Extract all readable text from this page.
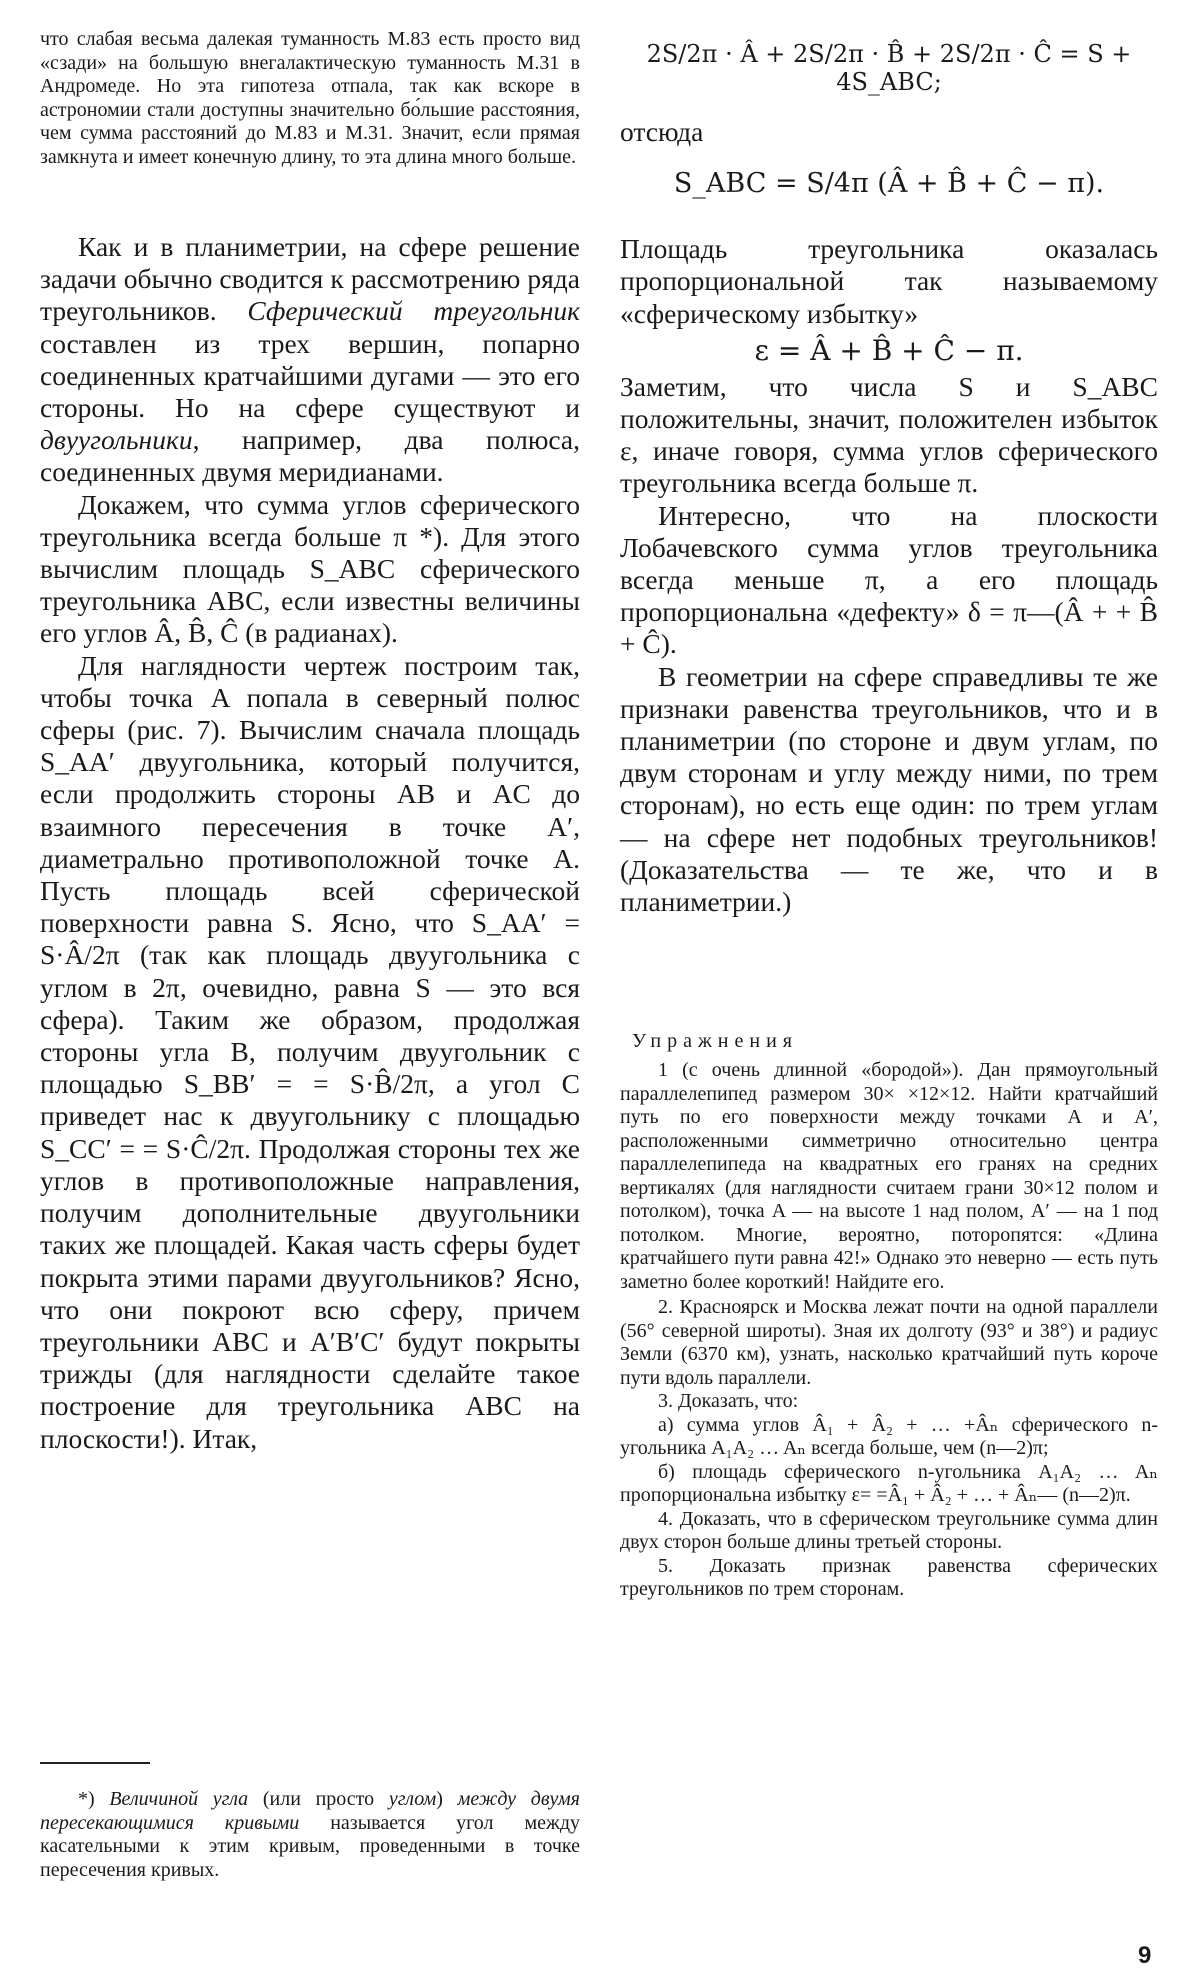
что слабая весьма далекая туманность М.83 есть просто вид «сзади» на большую внегалактическую туманность М.31 в Андромеде. Но эта гипотеза отпала, так как вскоре в астрономии стали доступны значительно бо́льшие расстояния, чем сумма расстояний до М.83 и М.31. Значит, если прямая замкнута и имеет конечную длину, то эта длина много больше.

Как и в планиметрии, на сфере решение задачи обычно сводится к рассмотрению ряда треугольников. Сферический треугольник составлен из трех вершин, попарно соединенных кратчайшими дугами — это его стороны. Но на сфере существуют и двуугольники, например, два полюса, соединенных двумя меридианами.

Докажем, что сумма углов сферического треугольника всегда больше π *). Для этого вычислим площадь S_ABC сферического треугольника ABC, если известны величины его углов Â, B̂, Ĉ (в радианах).

Для наглядности чертеж построим так, чтобы точка A попала в северный полюс сферы (рис. 7). Вычислим сначала площадь S_AA′ двуугольника, который получится, если продолжить стороны AB и AC до взаимного пересечения в точке A′, диаметрально противоположной точке A. Пусть площадь всей сферической поверхности равна S. Ясно, что S_AA′ = S·Â/2π (так как площадь двуугольника с углом в 2π, очевидно, равна S — это вся сфера). Таким же образом, продолжая стороны угла B, получим двуугольник с площадью S_BB′ = = S·B̂/2π, а угол C приведет нас к двуугольнику с площадью S_CC′ = = S·Ĉ/2π. Продолжая стороны тех же углов в противоположные направления, получим дополнительные двуугольники таких же площадей. Какая часть сферы будет покрыта этими парами двуугольников? Ясно, что они покроют всю сферу, причем треугольники ABC и A′B′C′ будут покрыты трижды (для наглядности сделайте такое построение для треугольника ABC на плоскости!). Итак,

*) Величиной угла (или просто углом) между двумя пересекающимися кривыми называется угол между касательными к этим кривым, проведенными в точке пересечения кривых.

2S/2π · Â + 2S/2π · B̂ + 2S/2π · Ĉ = S + 4S_ABC;

отсюда

S_ABC = S/4π (Â + B̂ + Ĉ − π).

Площадь треугольника оказалась пропорциональной так называемому «сферическому избытку»

ε = Â + B̂ + Ĉ − π.

Заметим, что числа S и S_ABC положительны, значит, положителен избыток ε, иначе говоря, сумма углов сферического треугольника всегда больше π.

Интересно, что на плоскости Лобачевского сумма углов треугольника всегда меньше π, а его площадь пропорциональна «дефекту» δ = π—(Â + + B̂ + Ĉ).

В геометрии на сфере справедливы те же признаки равенства треугольников, что и в планиметрии (по стороне и двум углам, по двум сторонам и углу между ними, по трем сторонам), но есть еще один: по трем углам — на сфере нет подобных треугольников! (Доказательства — те же, что и в планиметрии.)

Упражнения

1 (с очень длинной «бородой»). Дан прямоугольный параллелепипед размером 30× ×12×12. Найти кратчайший путь по его поверхности между точками A и A′, расположенными симметрично относительно центра параллелепипеда на квадратных его гранях на средних вертикалях (для наглядности считаем грани 30×12 полом и потолком), точка A — на высоте 1 над полом, A′ — на 1 под потолком. Многие, вероятно, поторопятся: «Длина кратчайшего пути равна 42!» Однако это неверно — есть путь заметно более короткий! Найдите его.

2. Красноярск и Москва лежат почти на одной параллели (56° северной широты). Зная их долготу (93° и 38°) и радиус Земли (6370 км), узнать, насколько кратчайший путь короче пути вдоль параллели.

3. Доказать, что:

а) сумма углов Â₁ + Â₂ + … +Âₙ сферического n-угольника A₁A₂ … Aₙ всегда больше, чем (n—2)π;

б) площадь сферического n-угольника A₁A₂ … Aₙ пропорциональна избытку ε= =Â₁ + Â₂ + … + Âₙ— (n—2)π.

4. Доказать, что в сферическом треугольнике сумма длин двух сторон больше длины третьей стороны.

5. Доказать признак равенства сферических треугольников по трем сторонам.

9
